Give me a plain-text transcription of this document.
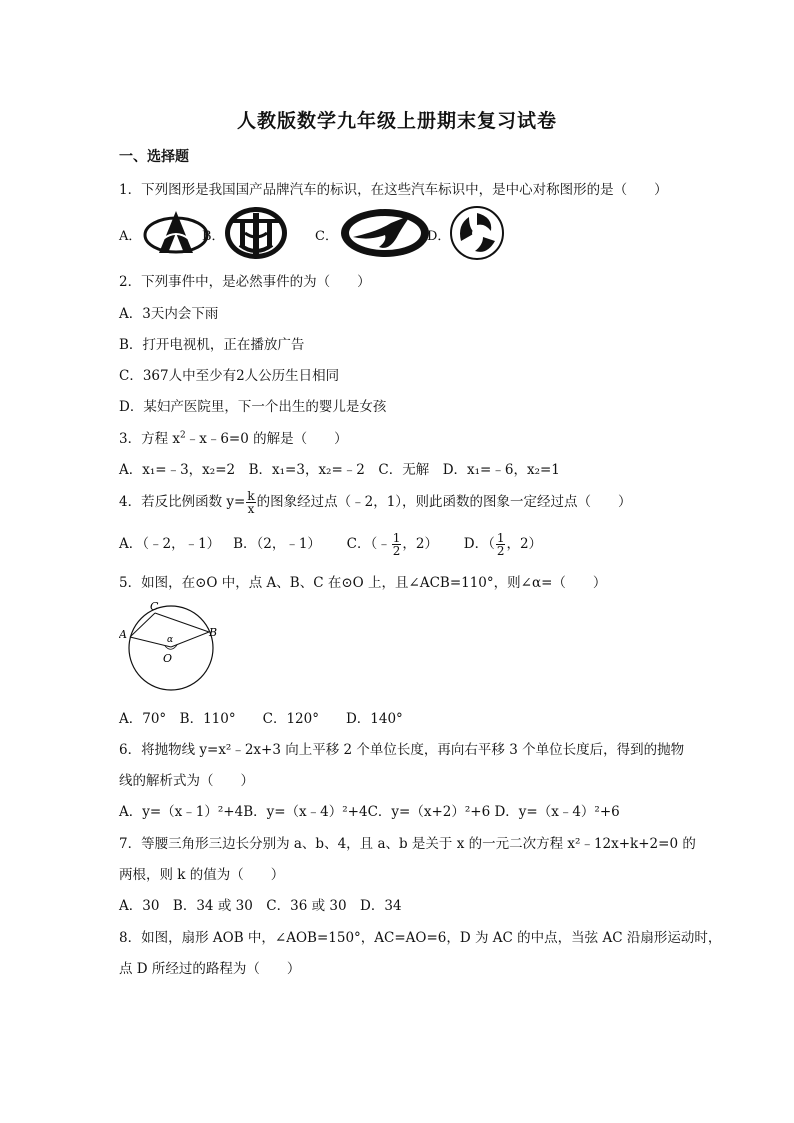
人教版数学九年级上册期末复习试卷
一、选择题
1．下列图形是我国国产品牌汽车的标识，在这些汽车标识中，是中心对称图形的是（　　）
A．	B．	C．	D．
2．下列事件中，是必然事件的为（　　）
A．3天内会下雨
B．打开电视机，正在播放广告
C．367人中至少有2人公历生日相同
D．某妇产医院里，下一个出生的婴儿是女孩
3．方程 $x^2﹣x﹣6=0$ 的解是（　　）
A．x₁=﹣3，x₂=2　B．x₁=3，x₂=﹣2　C．无解　D．x₁=﹣6，x₂=1
4．若反比例函数 $y= \frac{k}{x}$ 的图象经过点（﹣2，1），则此函数的图象一定经过点（　　）
A．（﹣2，﹣1） B．（2，﹣1） C．（﹣ $\frac{1}{2}$ ，2） D．（ $\frac{1}{2}$ ，2）
5．如图，在⊙O 中，点 A、B、C 在⊙O 上，且∠ACB=110°，则∠α=（　　）
C
A	B
O
α
A．70°　B．110°　　C．120°　　D．140°
6．将抛物线 y=x²﹣2x+3 向上平移 2 个单位长度，再向右平移 3 个单位长度后，得到的抛物
线的解析式为（　　）
A．y=（x﹣1）²+4B．y=（x﹣4）²+4C．y=（x+2）²+6 D．y=（x﹣4）²+6
7．等腰三角形三边长分别为 a、b、4，且 a、b 是关于 x 的一元二次方程 x²﹣12x+k+2=0 的
两根，则 k 的值为（　　）
A．30　B．34 或 30　C．36 或 30　D．34
8．如图，扇形 AOB 中，∠AOB=150°，AC=AO=6，D 为 AC 的中点，当弦 AC 沿扇形运动时，
点 D 所经过的路程为（　　）
